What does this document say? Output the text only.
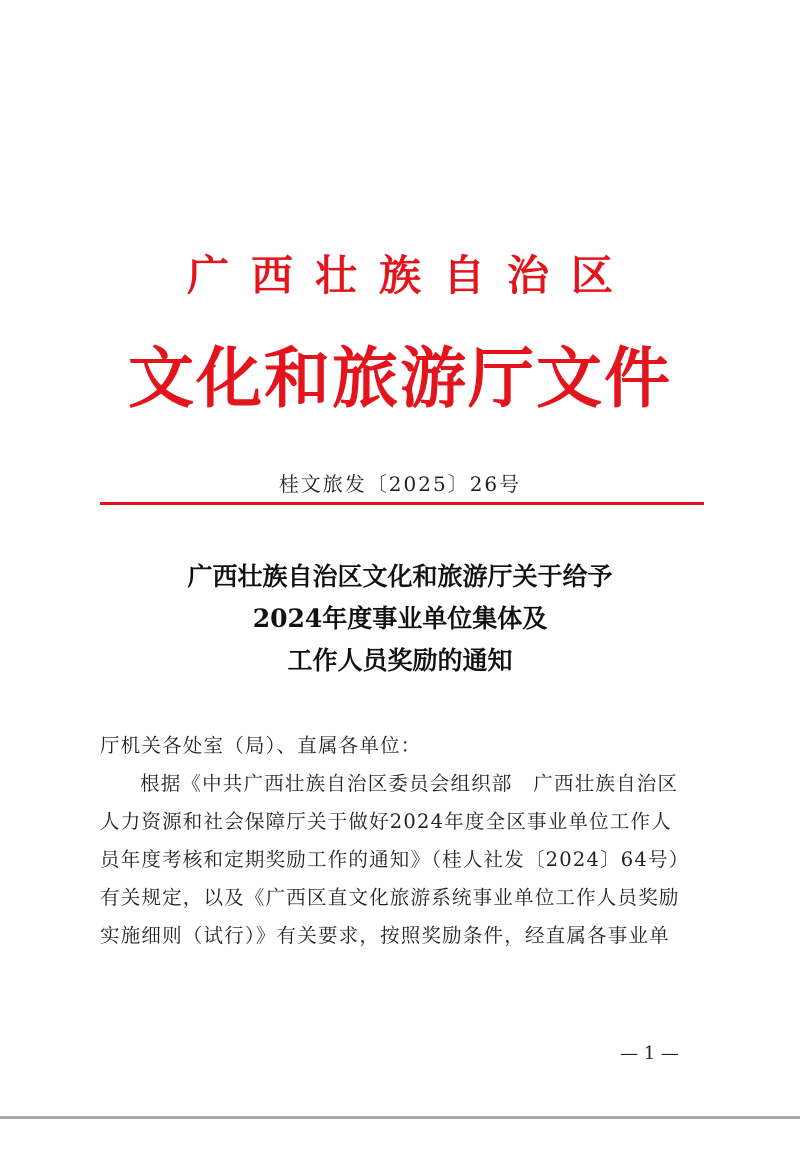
广西壮族自治区
文化和旅游厅文件
桂文旅发〔2025〕26号
广西壮族自治区文化和旅游厅关于给予
2024年度事业单位集体及
工作人员奖励的通知
厅机关各处室（局）、直属各单位：
根据《中共广西壮族自治区委员会组织部　广西壮族自治区
人力资源和社会保障厅关于做好2024年度全区事业单位工作人
员年度考核和定期奖励工作的通知》（桂人社发〔2024〕64号）
有关规定，以及《广西区直文化旅游系统事业单位工作人员奖励
实施细则（试行）》有关要求，按照奖励条件，经直属各事业单
— 1 —
